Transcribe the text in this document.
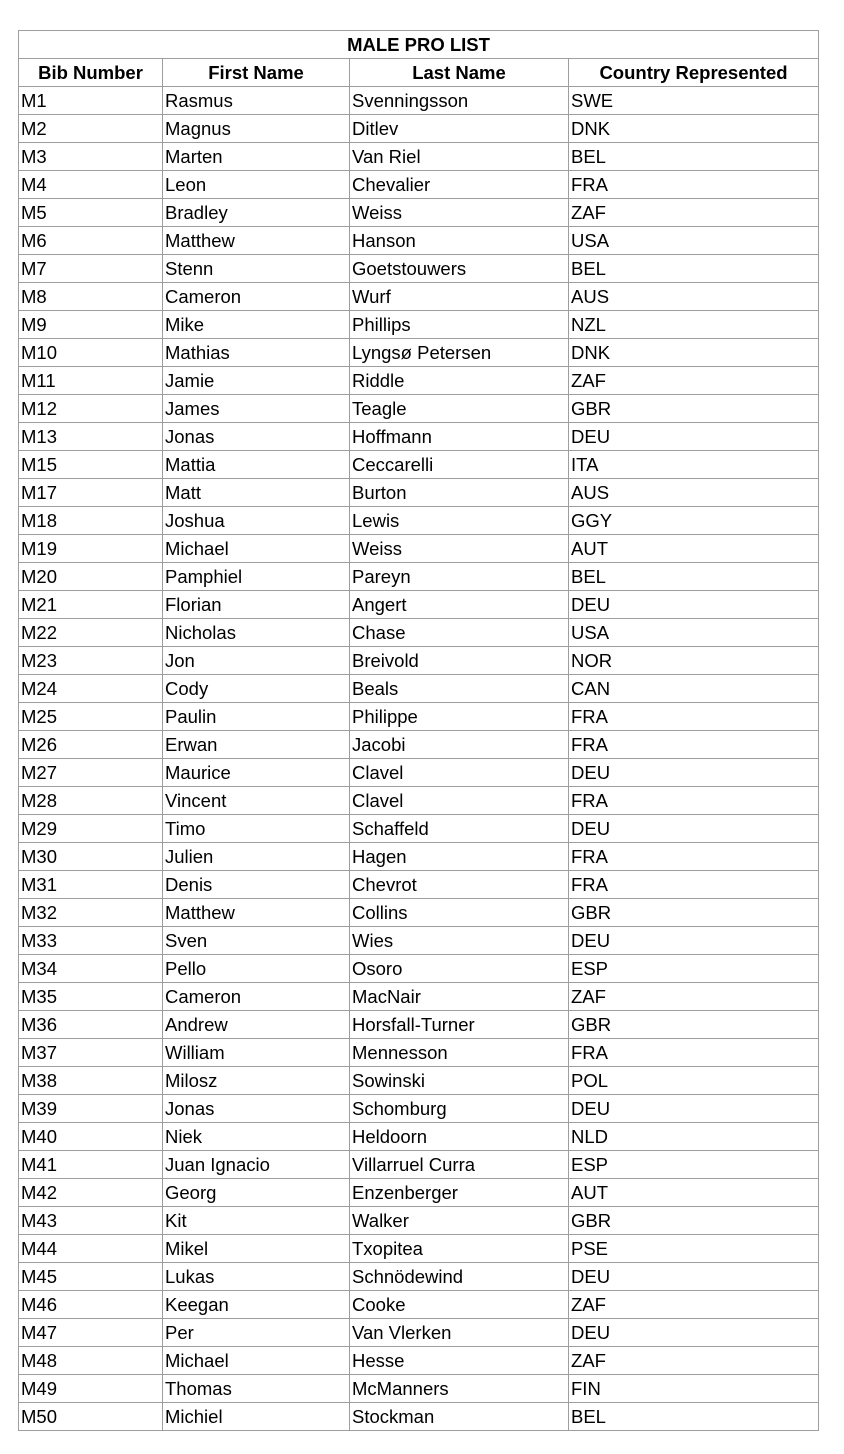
MALE PRO LIST			
Bib Number	First Name	Last Name	Country Represented
M1	Rasmus	Svenningsson	SWE
M2	Magnus	Ditlev	DNK
M3	Marten	Van Riel	BEL
M4	Leon	Chevalier	FRA
M5	Bradley	Weiss	ZAF
M6	Matthew	Hanson	USA
M7	Stenn	Goetstouwers	BEL
M8	Cameron	Wurf	AUS
M9	Mike	Phillips	NZL
M10	Mathias	Lyngsø Petersen	DNK
M11	Jamie	Riddle	ZAF
M12	James	Teagle	GBR
M13	Jonas	Hoffmann	DEU
M15	Mattia	Ceccarelli	ITA
M17	Matt	Burton	AUS
M18	Joshua	Lewis	GGY
M19	Michael	Weiss	AUT
M20	Pamphiel	Pareyn	BEL
M21	Florian	Angert	DEU
M22	Nicholas	Chase	USA
M23	Jon	Breivold	NOR
M24	Cody	Beals	CAN
M25	Paulin	Philippe	FRA
M26	Erwan	Jacobi	FRA
M27	Maurice	Clavel	DEU
M28	Vincent	Clavel	FRA
M29	Timo	Schaffeld	DEU
M30	Julien	Hagen	FRA
M31	Denis	Chevrot	FRA
M32	Matthew	Collins	GBR
M33	Sven	Wies	DEU
M34	Pello	Osoro	ESP
M35	Cameron	MacNair	ZAF
M36	Andrew	Horsfall-Turner	GBR
M37	William	Mennesson	FRA
M38	Milosz	Sowinski	POL
M39	Jonas	Schomburg	DEU
M40	Niek	Heldoorn	NLD
M41	Juan Ignacio	Villarruel Curra	ESP
M42	Georg	Enzenberger	AUT
M43	Kit	Walker	GBR
M44	Mikel	Txopitea	PSE
M45	Lukas	Schnödewind	DEU
M46	Keegan	Cooke	ZAF
M47	Per	Van Vlerken	DEU
M48	Michael	Hesse	ZAF
M49	Thomas	McManners	FIN
M50	Michiel	Stockman	BEL
